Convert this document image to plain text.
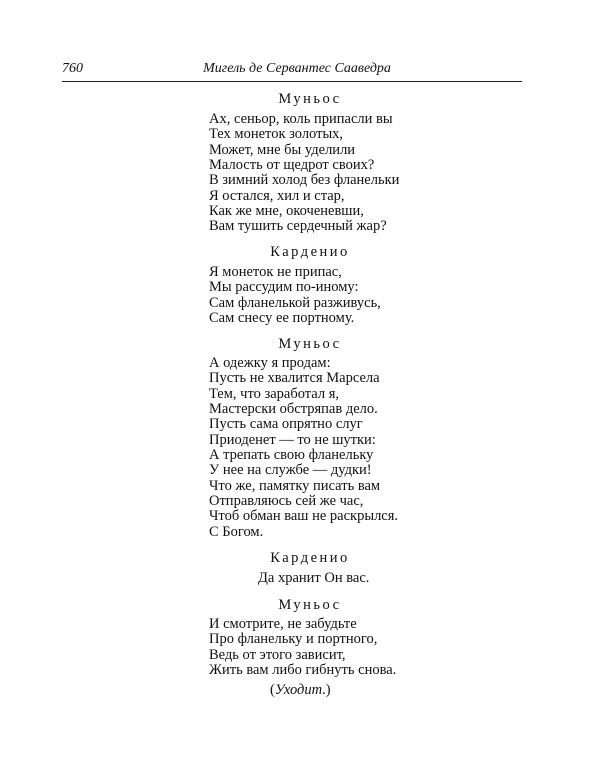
760	Мигель де Сервантес Сааведра
Муньос
Ах, сеньор, коль припасли вы
Тех монеток золотых,
Может, мне бы уделили
Малость от щедрот своих?
В зимний холод без фланельки
Я остался, хил и стар,
Как же мне, окоченевши,
Вам тушить сердечный жар?
Карденио
Я монеток не припас,
Мы рассудим по-иному:
Сам фланелькой разживусь,
Сам снесу ее портному.
Муньос
А одежку я продам:
Пусть не хвалится Марсела
Тем, что заработал я,
Мастерски обстряпав дело.
Пусть сама опрятно слуг
Приоденет — то не шутки:
А трепать свою фланельку
У нее на службе — дудки!
Что же, памятку писать вам
Отправляюсь сей же час,
Чтоб обман ваш не раскрылся.
С Богом.
Карденио
Да хранит Он вас.
Муньос
И смотрите, не забудьте
Про фланельку и портного,
Ведь от этого зависит,
Жить вам либо гибнуть снова.
(Уходит.)
